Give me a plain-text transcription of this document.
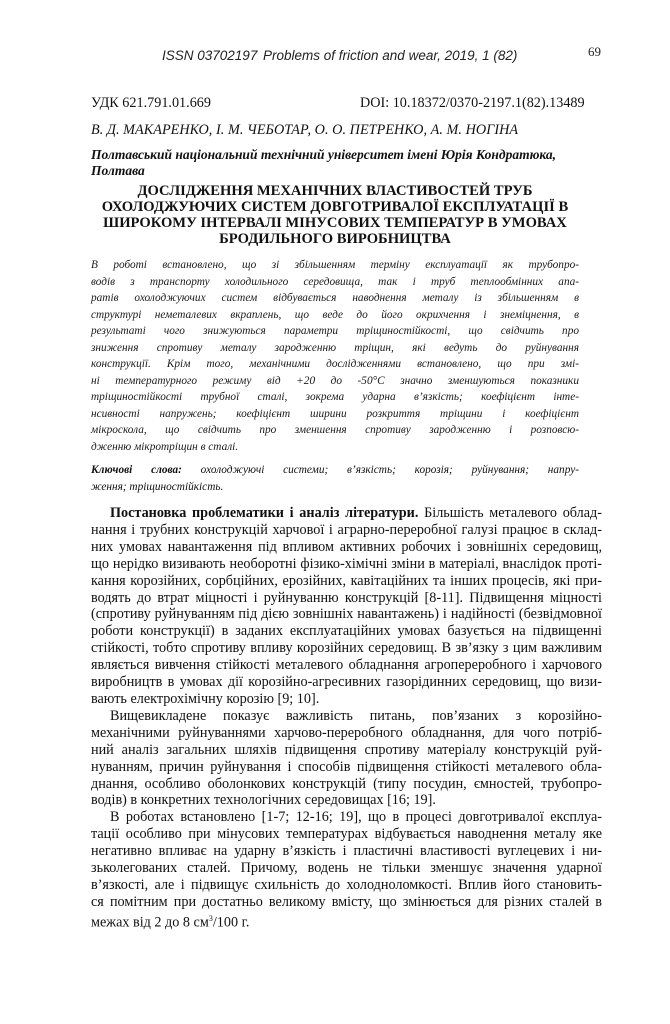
ISSN 03702197 Problems of friction and wear, 2019, 1 (82)	69
УДК 621.791.01.669	DOI: 10.18372/0370-2197.1(82).13489
В. Д. МАКАРЕНКО, І. М. ЧЕБОТАР, О. О. ПЕТРЕНКО, А. М. НОГІНА
Полтавський національний технічний університет імені Юрія Кондратюка,
Полтава
ДОСЛІДЖЕННЯ МЕХАНІЧНИХ ВЛАСТИВОСТЕЙ ТРУБ
ОХОЛОДЖУЮЧИХ СИСТЕМ ДОВГОТРИВАЛОЇ ЕКСПЛУАТАЦІЇ В
ШИРОКОМУ ІНТЕРВАЛІ МІНУСОВИХ ТЕМПЕРАТУР В УМОВАХ
БРОДИЛЬНОГО ВИРОБНИЦТВА
В роботі встановлено, що зі збільшенням терміну експлуатації як трубопро-
водів з транспорту холодильного середовища, так і труб теплообмінних апа-
ратів охолоджуючих систем відбувається наводнення металу із збільшенням в
структурі неметалевих вкраплень, що веде до його окрихчення і знеміцнення, в
результаті чого знижуються параметри тріщиностійкості, що свідчить про
зниження спротиву металу зародженню тріщин, які ведуть до руйнування
конструкції. Крім того, механічними дослідженнями встановлено, що при змі-
ні температурного режиму від +20 до -50°С значно зменшуються показники
тріщиностійкості трубної сталі, зокрема ударна в’язкість; коефіцієнт інте-
нсивності напружень; коефіцієнт ширини розкриття тріщини і коефіцієнт
мікроскола, що свідчить про зменшення спротиву зародженню і розповсю-
дженню мікротріщин в сталі.
Ключові слова: охолоджуючі системи; в’язкість; корозія; руйнування; напру-
ження; тріщиностійкість.
Постановка проблематики і аналіз літератури. Більшість металевого облад-
нання і трубних конструкцій харчової і аграрно-переробної галузі працює в склад-
них умовах навантаження під впливом активних робочих і зовнішніх середовищ,
що нерідко визивають необоротні фізико-хімічні зміни в матеріалі, внаслідок проті-
кання корозійних, сорбційних, ерозійних, кавітаційних та інших процесів, які при-
водять до втрат міцності і руйнуванню конструкцій [8-11]. Підвищення міцності
(спротиву руйнуванням під дією зовнішніх навантажень) і надійності (безвідмовної
роботи конструкції) в заданих експлуатаційних умовах базується на підвищенні
стійкості, тобто спротиву впливу корозійних середовищ. В зв’язку з цим важливим
являється вивчення стійкості металевого обладнання агропереробного і харчового
виробництв в умовах дії корозійно-агресивних газорідинних середовищ, що визи-
вають електрохімічну корозію [9; 10].
Вищевикладене показує важливість питань, пов’язаних з корозійно-
механічними руйнуваннями харчово-переробного обладнання, для чого потріб-
ний аналіз загальних шляхів підвищення спротиву матеріалу конструкцій руй-
нуванням, причин руйнування і способів підвищення стійкості металевого обла-
днання, особливо оболонкових конструкцій (типу посудин, ємностей, трубопро-
водів) в конкретних технологічних середовищах [16; 19].
В роботах встановлено [1-7; 12-16; 19], що в процесі довготривалої експлуа-
тації особливо при мінусових температурах відбувається наводнення металу яке
негативно впливає на ударну в’язкість і пластичні властивості вуглецевих і ни-
зьколегованих сталей. Причому, водень не тільки зменшує значення ударної
в’язкості, але і підвищує схильність до холодноломкості. Вплив його становить-
ся помітним при достатньо великому вмісту, що змінюється для різних сталей в
межах від 2 до 8 $см^3/100$ г.
